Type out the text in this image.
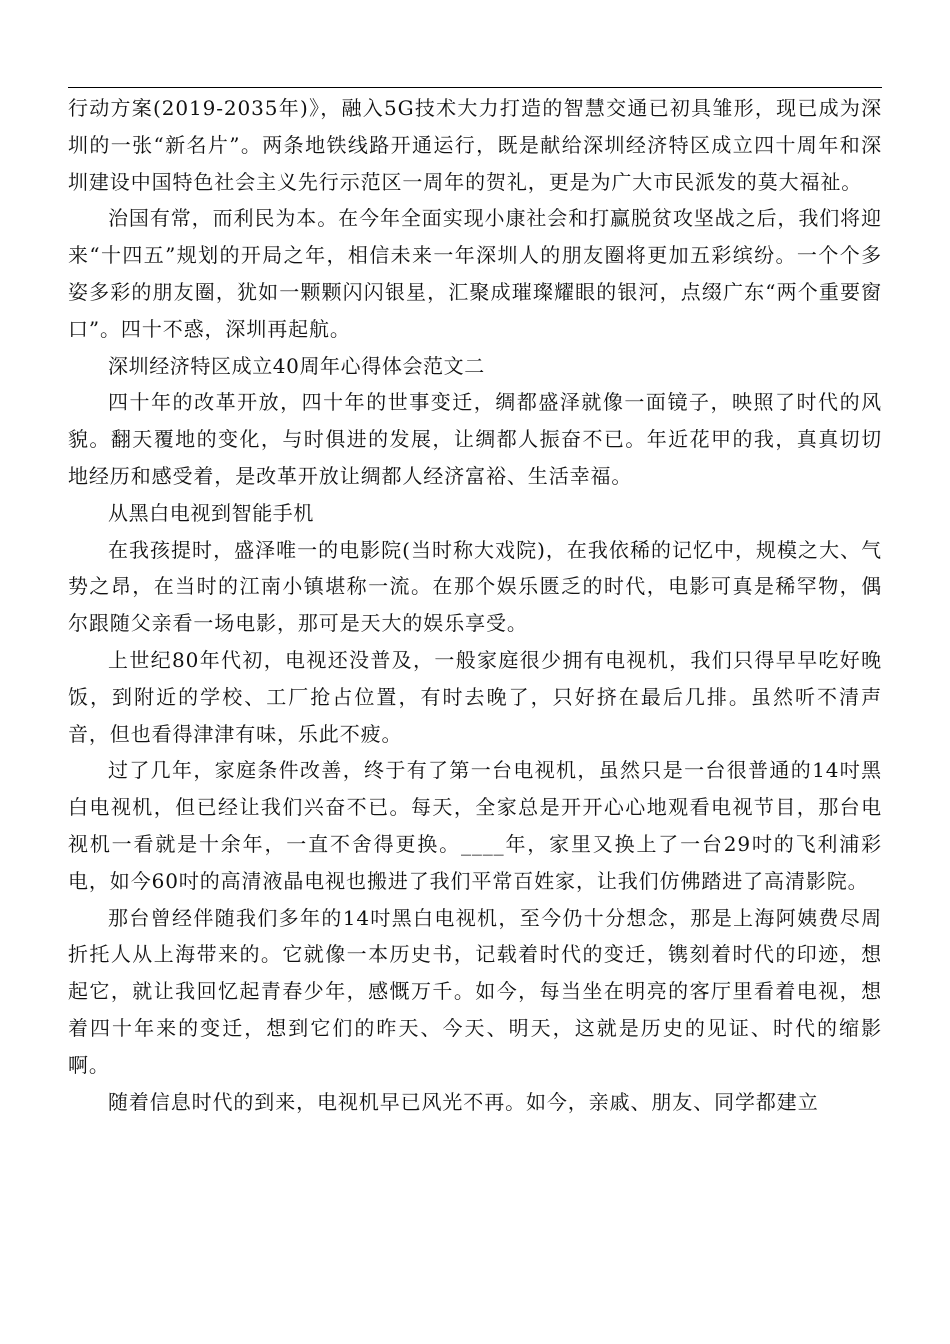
行动方案(2019-2035年)》，融入5G技术大力打造的智慧交通已初具雏形，现已成为深圳的一张“新名片”。两条地铁线路开通运行，既是献给深圳经济特区成立四十周年和深圳建设中国特色社会主义先行示范区一周年的贺礼，更是为广大市民派发的莫大福祉。

治国有常，而利民为本。在今年全面实现小康社会和打赢脱贫攻坚战之后，我们将迎来“十四五”规划的开局之年，相信未来一年深圳人的朋友圈将更加五彩缤纷。一个个多姿多彩的朋友圈，犹如一颗颗闪闪银星，汇聚成璀璨耀眼的银河，点缀广东“两个重要窗口”。四十不惑，深圳再起航。

深圳经济特区成立40周年心得体会范文二

四十年的改革开放，四十年的世事变迁，绸都盛泽就像一面镜子，映照了时代的风貌。翻天覆地的变化，与时俱进的发展，让绸都人振奋不已。年近花甲的我，真真切切地经历和感受着，是改革开放让绸都人经济富裕、生活幸福。

从黑白电视到智能手机

在我孩提时，盛泽唯一的电影院(当时称大戏院)，在我依稀的记忆中，规模之大、气势之昂，在当时的江南小镇堪称一流。在那个娱乐匮乏的时代，电影可真是稀罕物，偶尔跟随父亲看一场电影，那可是天大的娱乐享受。

上世纪80年代初，电视还没普及，一般家庭很少拥有电视机，我们只得早早吃好晚饭，到附近的学校、工厂抢占位置，有时去晚了，只好挤在最后几排。虽然听不清声音，但也看得津津有味，乐此不疲。

过了几年，家庭条件改善，终于有了第一台电视机，虽然只是一台很普通的14吋黑白电视机，但已经让我们兴奋不已。每天，全家总是开开心心地观看电视节目，那台电视机一看就是十余年，一直不舍得更换。____年，家里又换上了一台29吋的飞利浦彩电，如今60吋的高清液晶电视也搬进了我们平常百姓家，让我们仿佛踏进了高清影院。

那台曾经伴随我们多年的14吋黑白电视机，至今仍十分想念，那是上海阿姨费尽周折托人从上海带来的。它就像一本历史书，记载着时代的变迁，镌刻着时代的印迹，想起它，就让我回忆起青春少年，感慨万千。如今，每当坐在明亮的客厅里看着电视，想着四十年来的变迁，想到它们的昨天、今天、明天，这就是历史的见证、时代的缩影啊。

随着信息时代的到来，电视机早已风光不再。如今，亲戚、朋友、同学都建立
